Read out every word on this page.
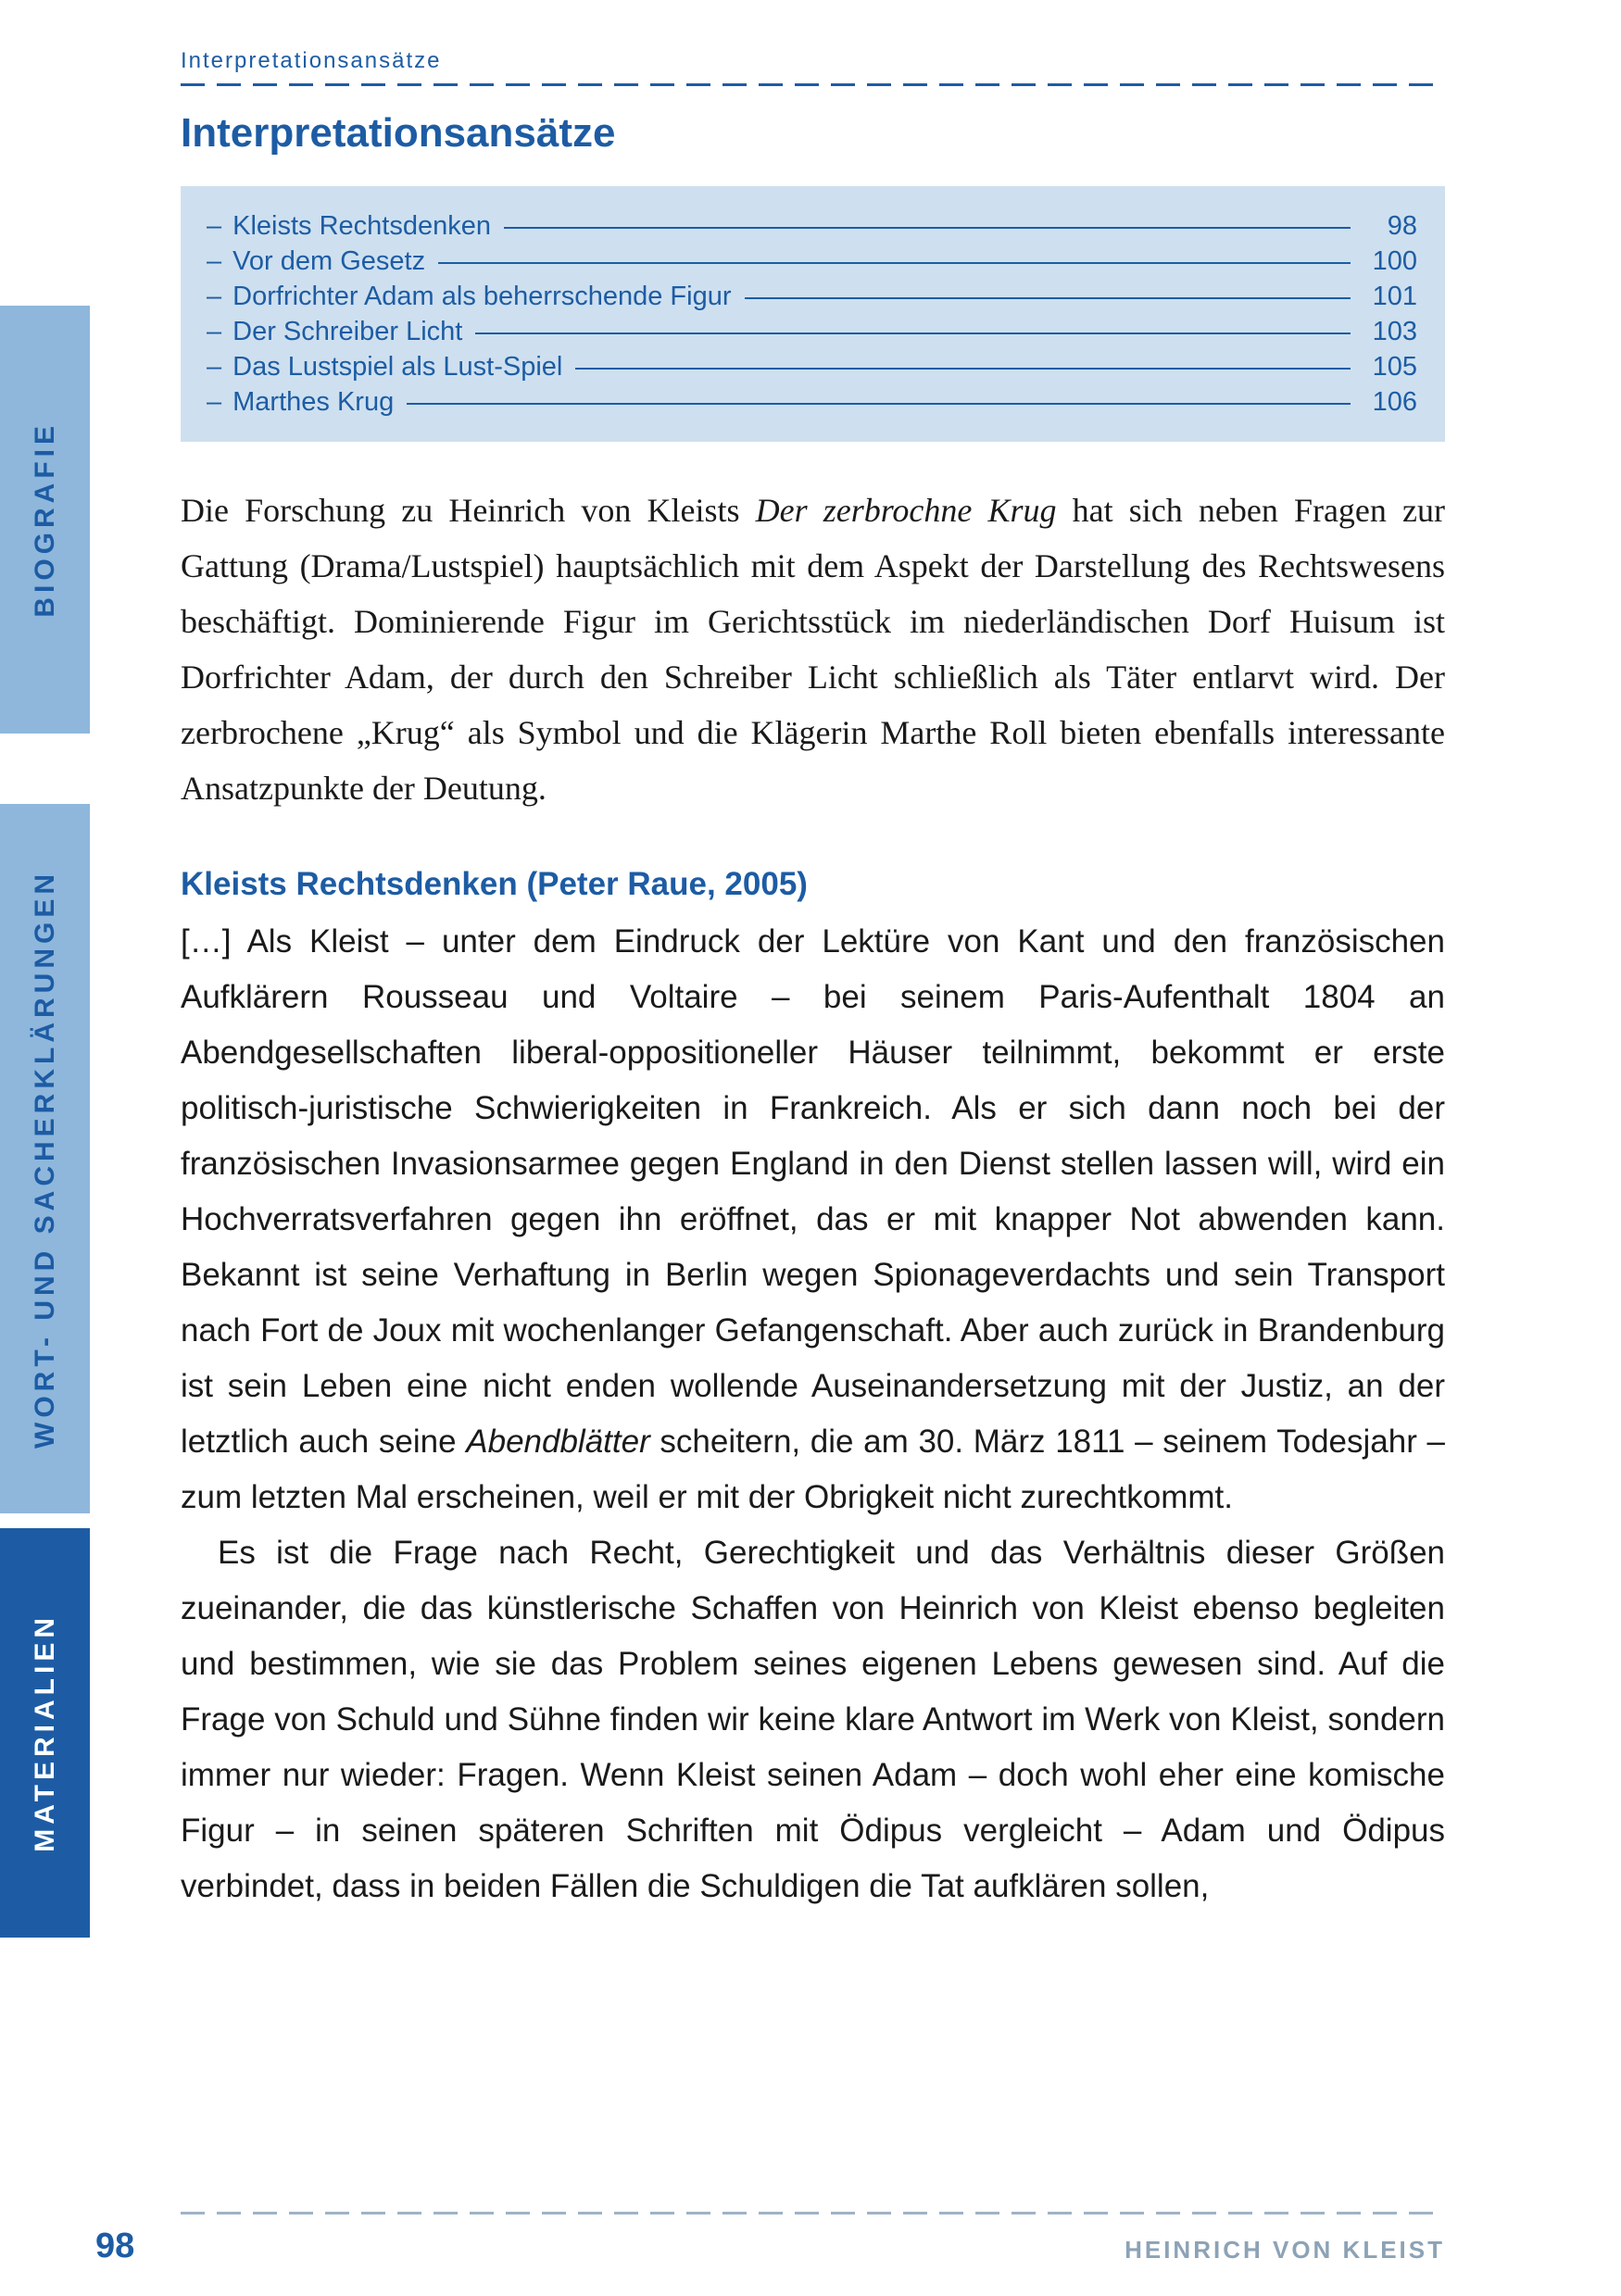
BIOGRAFIE
WORT- UND SACHERKLÄRUNGEN
MATERIALIEN
Interpretationsansätze
Interpretationsansätze
– Kleists Rechtsdenken	98
– Vor dem Gesetz	100
– Dorfrichter Adam als beherrschende Figur	101
– Der Schreiber Licht	103
– Das Lustspiel als Lust-Spiel	105
– Marthes Krug	106

Die Forschung zu Heinrich von Kleists Der zerbrochne Krug hat sich neben Fragen zur Gattung (Drama/Lustspiel) hauptsächlich mit dem Aspekt der Darstellung des Rechtswesens beschäftigt. Dominierende Figur im Gerichtsstück im niederländischen Dorf Huisum ist Dorfrichter Adam, der durch den Schreiber Licht schließlich als Täter entlarvt wird. Der zerbrochene „Krug“ als Symbol und die Klägerin Marthe Roll bieten ebenfalls interessante Ansatzpunkte der Deutung.

Kleists Rechtsdenken (Peter Raue, 2005)

[…] Als Kleist – unter dem Eindruck der Lektüre von Kant und den französischen Aufklärern Rousseau und Voltaire – bei seinem Paris-Aufenthalt 1804 an Abendgesellschaften liberal-oppositioneller Häuser teilnimmt, bekommt er erste politisch-juristische Schwierigkeiten in Frankreich. Als er sich dann noch bei der französischen Invasionsarmee gegen England in den Dienst stellen lassen will, wird ein Hochverratsverfahren gegen ihn eröffnet, das er mit knapper Not abwenden kann. Bekannt ist seine Verhaftung in Berlin wegen Spionageverdachts und sein Transport nach Fort de Joux mit wochenlanger Gefangenschaft. Aber auch zurück in Brandenburg ist sein Leben eine nicht enden wollende Auseinandersetzung mit der Justiz, an der letztlich auch seine Abendblätter scheitern, die am 30. März 1811 – seinem Todesjahr – zum letzten Mal erscheinen, weil er mit der Obrigkeit nicht zurechtkommt.

Es ist die Frage nach Recht, Gerechtigkeit und das Verhältnis dieser Größen zueinander, die das künstlerische Schaffen von Heinrich von Kleist ebenso begleiten und bestimmen, wie sie das Problem seines eigenen Lebens gewesen sind. Auf die Frage von Schuld und Sühne finden wir keine klare Antwort im Werk von Kleist, sondern immer nur wieder: Fragen. Wenn Kleist seinen Adam – doch wohl eher eine komische Figur – in seinen späteren Schriften mit Ödipus vergleicht – Adam und Ödipus verbindet, dass in beiden Fällen die Schuldigen die Tat aufklären sollen,

98	HEINRICH VON KLEIST
